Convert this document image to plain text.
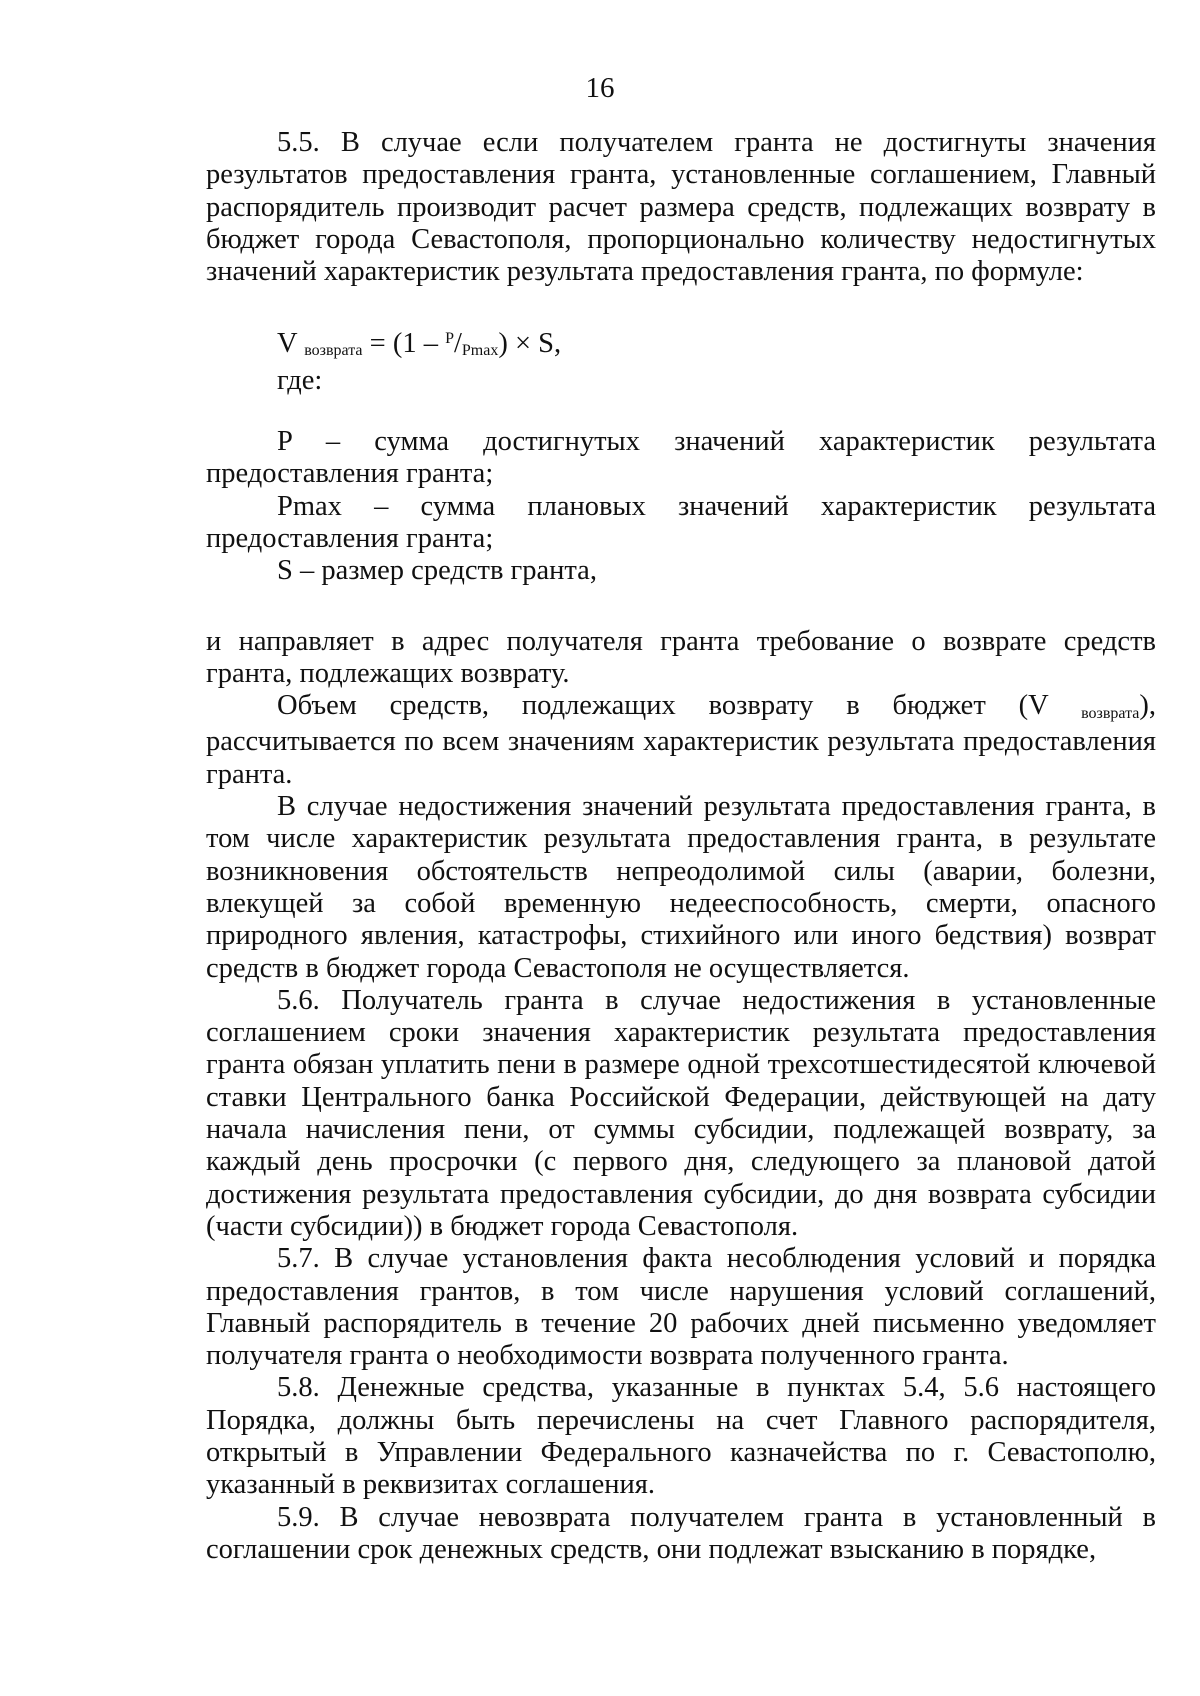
16

5.5. В случае если получателем гранта не достигнуты значения результатов предоставления гранта, установленные соглашением, Главный распорядитель производит расчет размера средств, подлежащих возврату в бюджет города Севастополя, пропорционально количеству недостигнутых значений характеристик результата предоставления гранта, по формуле:

V возврата = (1 – $^P$/Pmax) × S,
где:

P – сумма достигнутых значений характеристик результата предоставления гранта;

Pmax – сумма плановых значений характеристик результата предоставления гранта;

S – размер средств гранта,

и направляет в адрес получателя гранта требование о возврате средств гранта, подлежащих возврату.

Объем средств, подлежащих возврату в бюджет (V возврата), рассчитывается по всем значениям характеристик результата предоставления гранта.

В случае недостижения значений результата предоставления гранта, в том числе характеристик результата предоставления гранта, в результате возникновения обстоятельств непреодолимой силы (аварии, болезни, влекущей за собой временную недееспособность, смерти, опасного природного явления, катастрофы, стихийного или иного бедствия) возврат средств в бюджет города Севастополя не осуществляется.

5.6. Получатель гранта в случае недостижения в установленные соглашением сроки значения характеристик результата предоставления гранта обязан уплатить пени в размере одной трехсотшестидесятой ключевой ставки Центрального банка Российской Федерации, действующей на дату начала начисления пени, от суммы субсидии, подлежащей возврату, за каждый день просрочки (с первого дня, следующего за плановой датой достижения результата предоставления субсидии, до дня возврата субсидии (части субсидии)) в бюджет города Севастополя.

5.7. В случае установления факта несоблюдения условий и порядка предоставления грантов, в том числе нарушения условий соглашений, Главный распорядитель в течение 20 рабочих дней письменно уведомляет получателя гранта о необходимости возврата полученного гранта.

5.8. Денежные средства, указанные в пунктах 5.4, 5.6 настоящего Порядка, должны быть перечислены на счет Главного распорядителя, открытый в Управлении Федерального казначейства по г. Севастополю, указанный в реквизитах соглашения.

5.9. В случае невозврата получателем гранта в установленный в соглашении срок денежных средств, они подлежат взысканию в порядке,
